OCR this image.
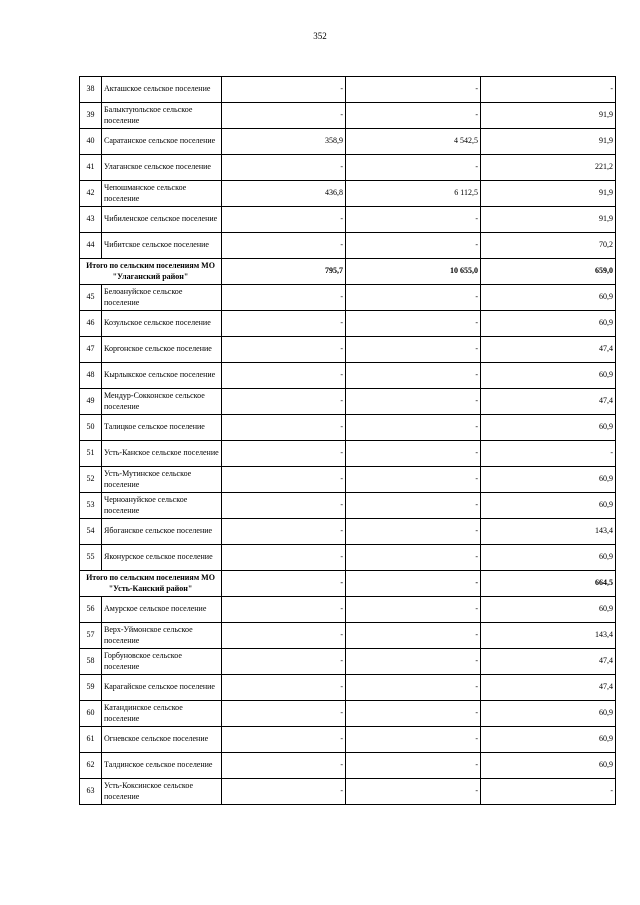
352
38	Акташское сельское поселение	-	-	-
39	Балыктуюльское сельское поселение	-	-	91,9
40	Саратанское сельское поселение	358,9	4 542,5	91,9
41	Улаганское сельское поселение	-	-	221,2
42	Чепошманское сельское поселение	436,8	6 112,5	91,9
43	Чибиленское сельское поселение	-	-	91,9
44	Чибитское сельское поселение	-	-	70,2
Итого по сельским поселениям МО "Улаганский район"		795,7	10 655,0	659,0
45	Белоануйское сельское поселение	-	-	60,9
46	Козульское сельское поселение	-	-	60,9
47	Коргонское сельское поселение	-	-	47,4
48	Кырлыкское сельское поселение	-	-	60,9
49	Мендур-Сокконское сельское поселение	-	-	47,4
50	Талицкое сельское поселение	-	-	60,9
51	Усть-Канское сельское поселение	-	-	-
52	Усть-Мутинское сельское поселение	-	-	60,9
53	Черноануйское сельское поселение	-	-	60,9
54	Ябоганское сельское поселение	-	-	143,4
55	Яконурское сельское поселение	-	-	60,9
Итого по сельским поселениям МО "Усть-Канский район"		-	-	664,5
56	Амурское сельское поселение	-	-	60,9
57	Верх-Уймонское сельское поселение	-	-	143,4
58	Горбуновское сельское поселение	-	-	47,4
59	Карагайское сельское поселение	-	-	47,4
60	Катандинское сельское поселение	-	-	60,9
61	Огневское сельское поселение	-	-	60,9
62	Талдинское сельское поселение	-	-	60,9
63	Усть-Коксинское сельское поселение	-	-	-
